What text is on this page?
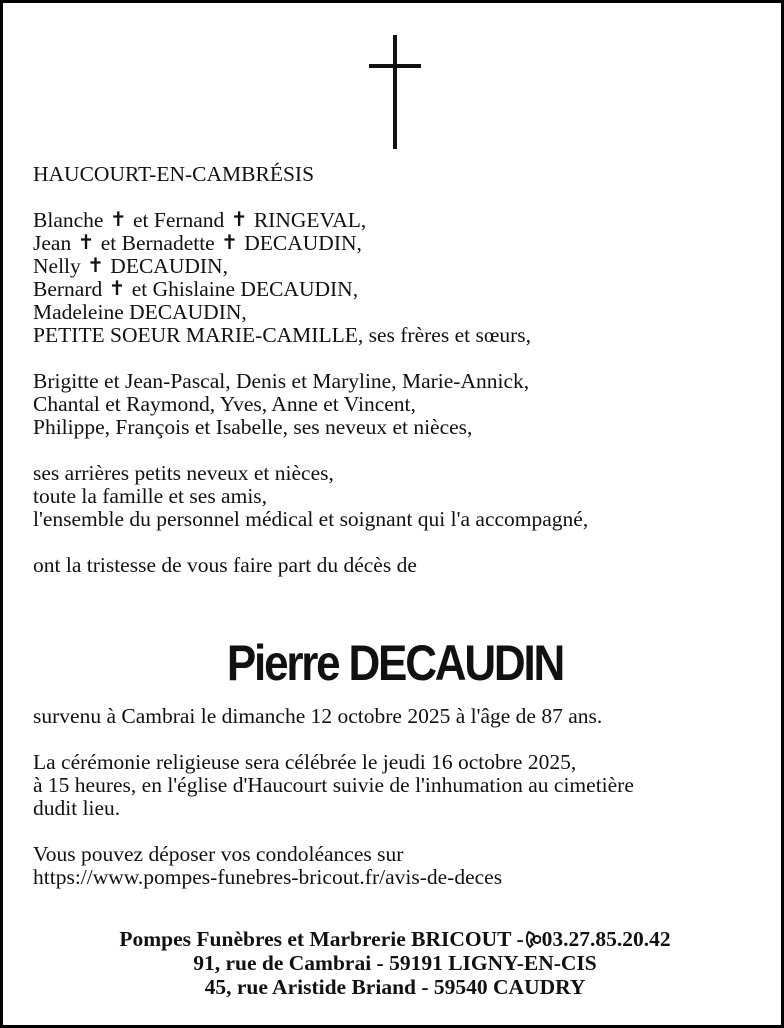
HAUCOURT-EN-CAMBRÉSIS
Blanche ✝ et Fernand ✝ RINGEVAL,
Jean ✝ et Bernadette ✝ DECAUDIN,
Nelly ✝ DECAUDIN,
Bernard ✝ et Ghislaine DECAUDIN,
Madeleine DECAUDIN,
PETITE SOEUR MARIE-CAMILLE, ses frères et sœurs,
Brigitte et Jean-Pascal, Denis et Maryline, Marie-Annick,
Chantal et Raymond, Yves, Anne et Vincent,
Philippe, François et Isabelle, ses neveux et nièces,
ses arrières petits neveux et nièces,
toute la famille et ses amis,
l'ensemble du personnel médical et soignant qui l'a accompagné,
ont la tristesse de vous faire part du décès de
Pierre DECAUDIN
survenu à Cambrai le dimanche 12 octobre 2025 à l'âge de 87 ans.
La cérémonie religieuse sera célébrée le jeudi 16 octobre 2025,
à 15 heures, en l'église d'Haucourt suivie de l'inhumation au cimetière
dudit lieu.
Vous pouvez déposer vos condoléances sur
https://www.pompes-funebres-bricout.fr/avis-de-deces
Pompes Funèbres et Marbrerie BRICOUT - 03.27.85.20.42
91, rue de Cambrai - 59191 LIGNY-EN-CIS
45, rue Aristide Briand - 59540 CAUDRY
